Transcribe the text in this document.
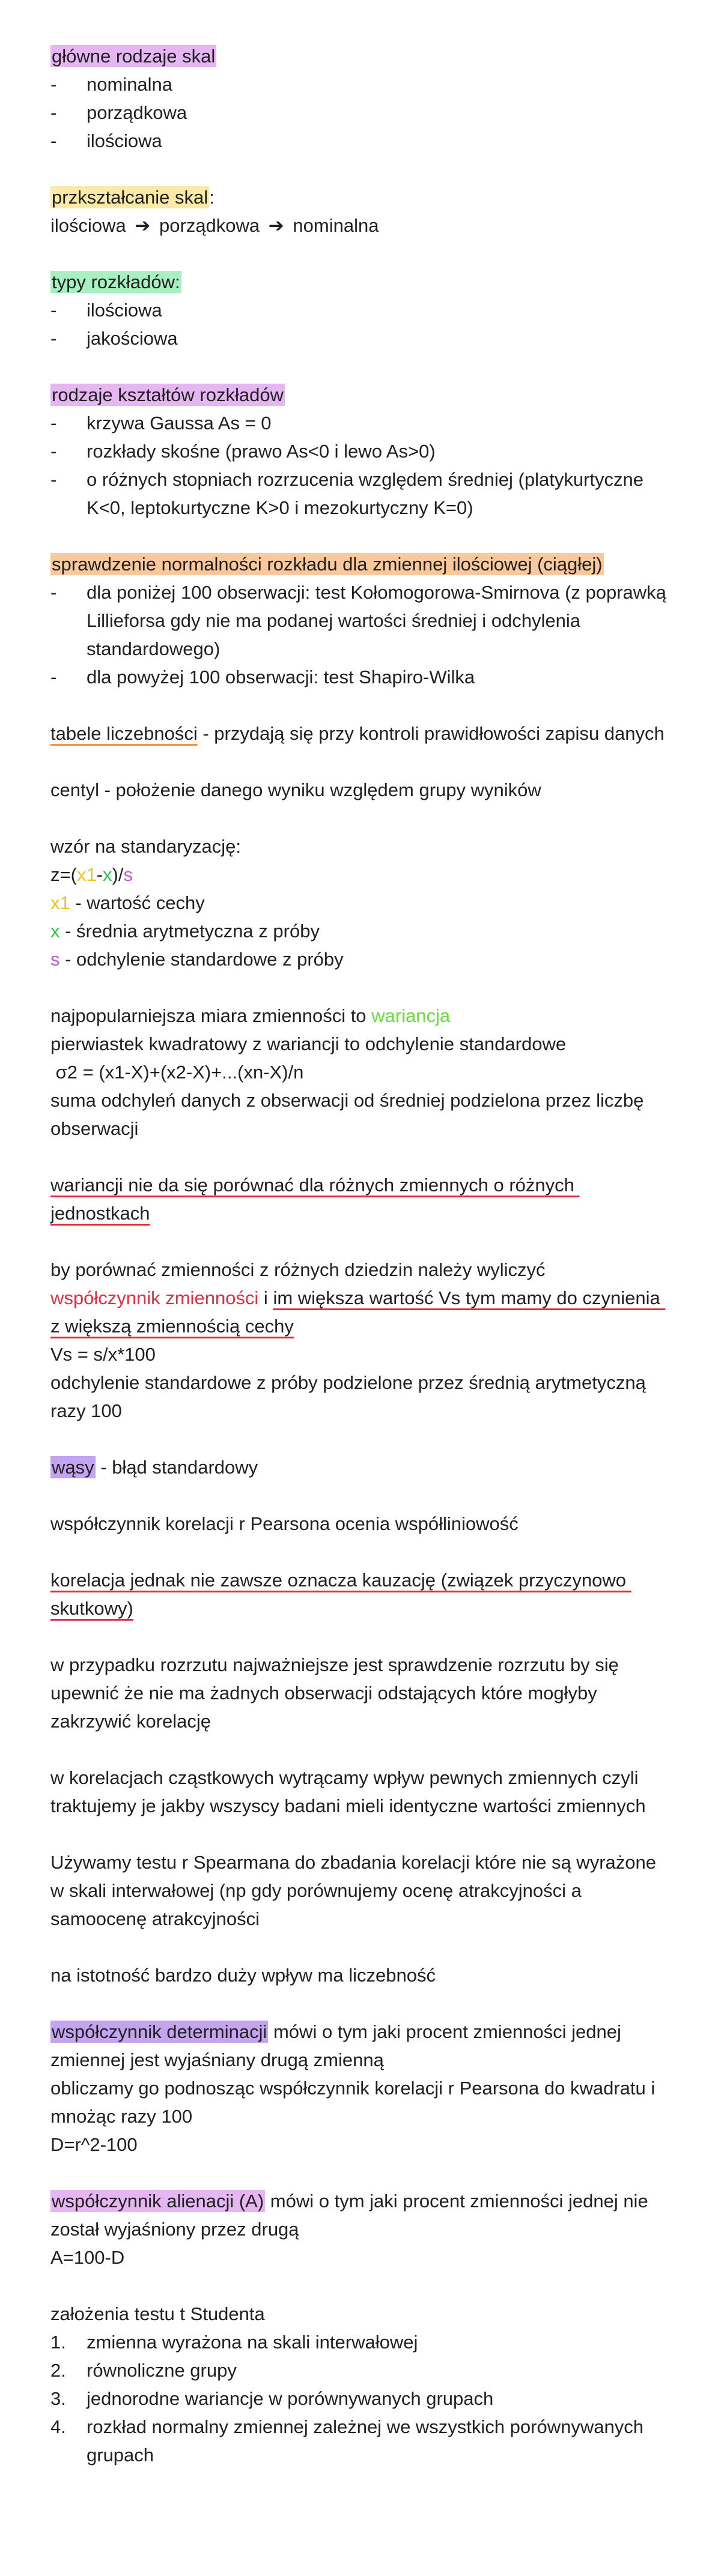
główne rodzaje skal
-	nominalna
-	porządkowa
-	ilościowa
przkształcanie skal:
ilościowa ➔ porządkowa ➔ nominalna
typy rozkładów:
-	ilościowa
-	jakościowa
rodzaje kształtów rozkładów
-	krzywa Gaussa As = 0
-	rozkłady skośne (prawo As<0 i lewo As>0)
-	o różnych stopniach rozrzucenia względem średniej (platykurtyczne K<0, leptokurtyczne K>0 i mezokurtyczny K=0)
sprawdzenie normalności rozkładu dla zmiennej ilościowej (ciągłej)
-	dla poniżej 100 obserwacji: test Kołomogorowa-Smirnova (z poprawką Lillieforsa gdy nie ma podanej wartości średniej i odchylenia standardowego)
-	dla powyżej 100 obserwacji: test Shapiro-Wilka
tabele liczebności - przydają się przy kontroli prawidłowości zapisu danych
centyl - położenie danego wyniku względem grupy wyników
wzór na standaryzację:
z=(x1-x)/s
x1 - wartość cechy
x - średnia arytmetyczna z próby
s - odchylenie standardowe z próby
najpopularniejsza miara zmienności to wariancja
pierwiastek kwadratowy z wariancji to odchylenie standardowe
σ2 = (x1-X)+(x2-X)+...(xn-X)/n
suma odchyleń danych z obserwacji od średniej podzielona przez liczbę obserwacji
wariancji nie da się porównać dla różnych zmiennych o różnych jednostkach
by porównać zmienności z różnych dziedzin należy wyliczyć
współczynnik zmienności i im większa wartość Vs tym mamy do czynienia z większą zmiennością cechy
Vs = s/x*100
odchylenie standardowe z próby podzielone przez średnią arytmetyczną razy 100
wąsy - błąd standardowy
współczynnik korelacji r Pearsona ocenia współliniowość
korelacja jednak nie zawsze oznacza kauzację (związek przyczynowo skutkowy)
w przypadku rozrzutu najważniejsze jest sprawdzenie rozrzutu by się upewnić że nie ma żadnych obserwacji odstających które mogłyby zakrzywić korelację
w korelacjach cząstkowych wytrącamy wpływ pewnych zmiennych czyli traktujemy je jakby wszyscy badani mieli identyczne wartości zmiennych
Używamy testu r Spearmana do zbadania korelacji które nie są wyrażone w skali interwałowej (np gdy porównujemy ocenę atrakcyjności a samoocenę atrakcyjności
na istotność bardzo duży wpływ ma liczebność
współczynnik determinacji mówi o tym jaki procent zmienności jednej zmiennej jest wyjaśniany drugą zmienną
obliczamy go podnosząc współczynnik korelacji r Pearsona do kwadratu i mnożąc razy 100
D=r^2-100
współczynnik alienacji (A) mówi o tym jaki procent zmienności jednej nie został wyjaśniony przez drugą
A=100-D
założenia testu t Studenta
1.	zmienna wyrażona na skali interwałowej
2.	równoliczne grupy
3.	jednorodne wariancje w porównywanych grupach
4.	rozkład normalny zmiennej zależnej we wszystkich porównywanych grupach
